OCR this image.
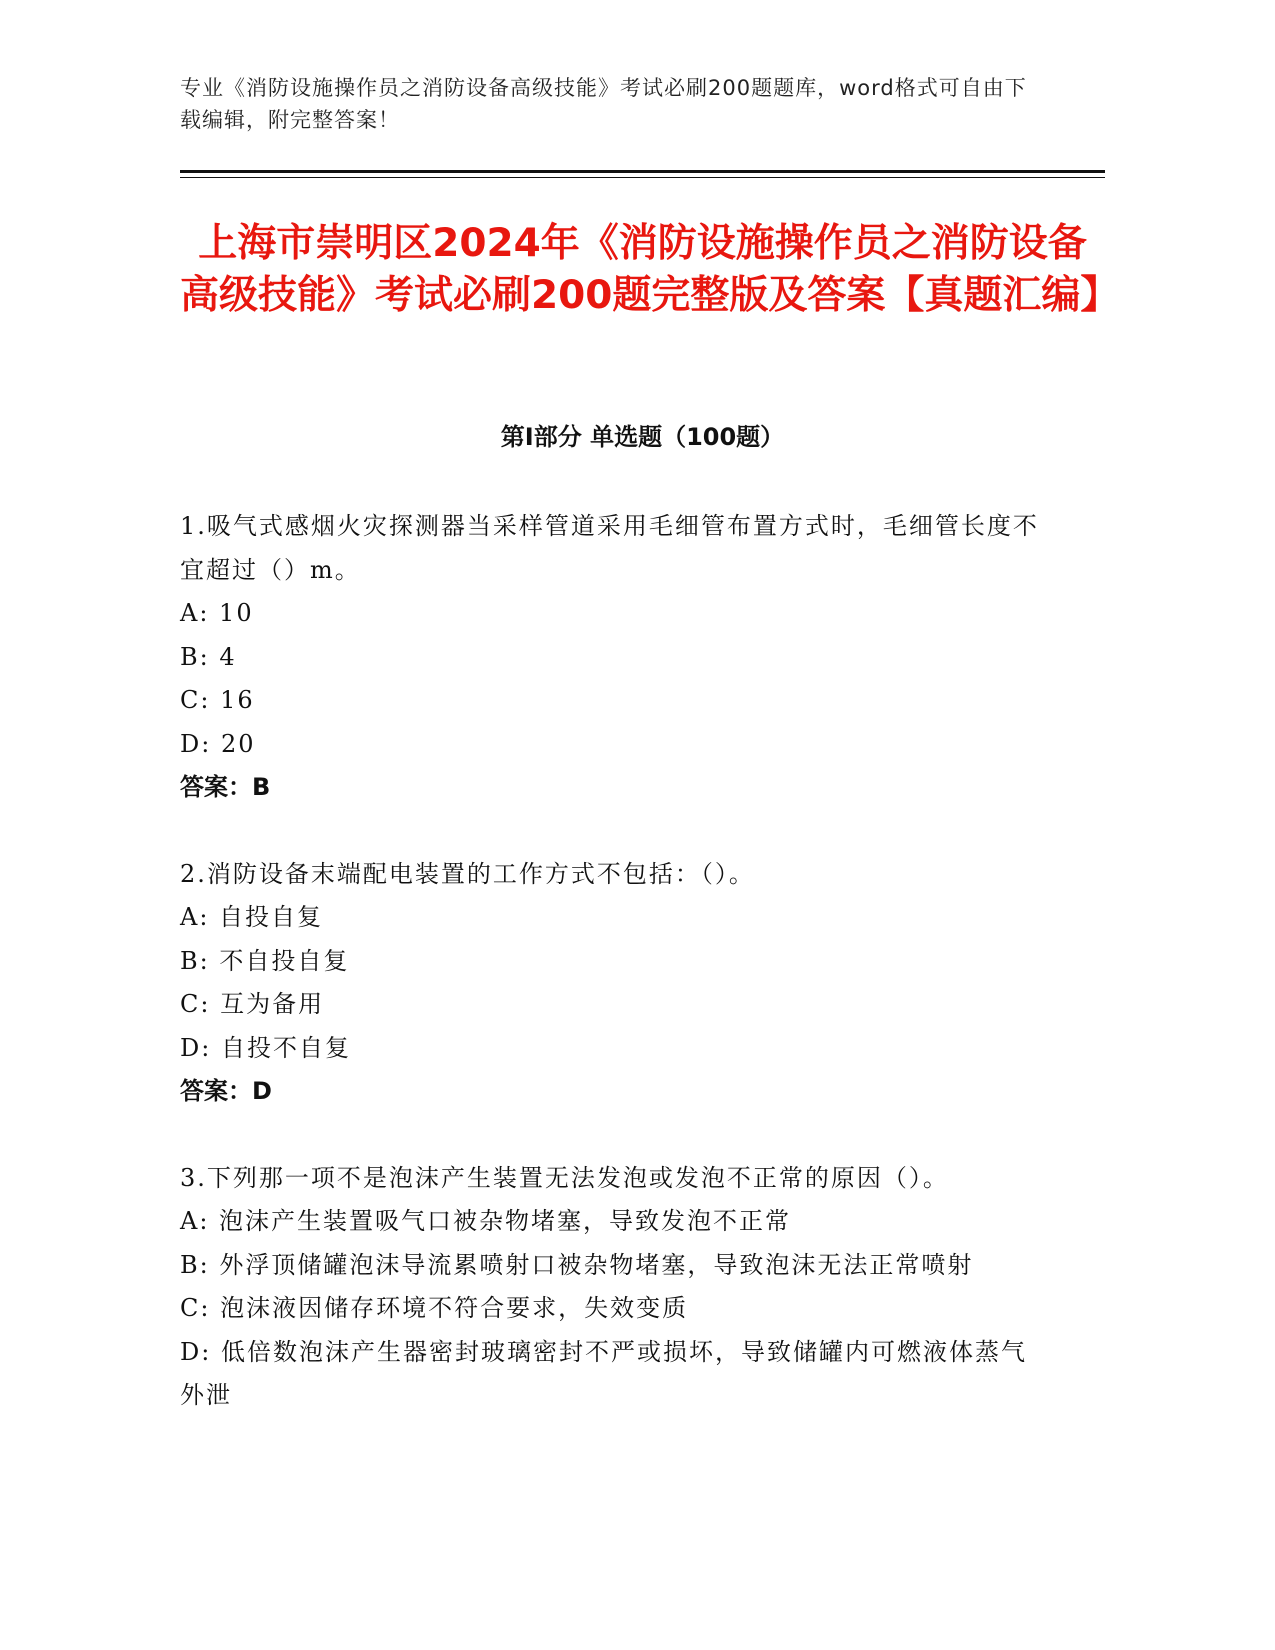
专业《消防设施操作员之消防设备高级技能》考试必刷200题题库，word格式可自由下载编辑，附完整答案！
上海市崇明区2024年《消防设施操作员之消防设备高级技能》考试必刷200题完整版及答案【真题汇编】
第I部分 单选题（100题）

1.吸气式感烟火灾探测器当采样管道采用毛细管布置方式时，毛细管长度不宜超过（）m。

A: 10

B: 4

C: 16

D: 20

答案：B

2.消防设备末端配电装置的工作方式不包括：（）。

A: 自投自复

B: 不自投自复

C: 互为备用

D: 自投不自复

答案：D

3.下列那一项不是泡沫产生装置无法发泡或发泡不正常的原因（）。

A: 泡沫产生装置吸气口被杂物堵塞，导致发泡不正常

B: 外浮顶储罐泡沫导流累喷射口被杂物堵塞，导致泡沫无法正常喷射

C: 泡沫液因储存环境不符合要求，失效变质

D: 低倍数泡沫产生器密封玻璃密封不严或损坏，导致储罐内可燃液体蒸气外泄
